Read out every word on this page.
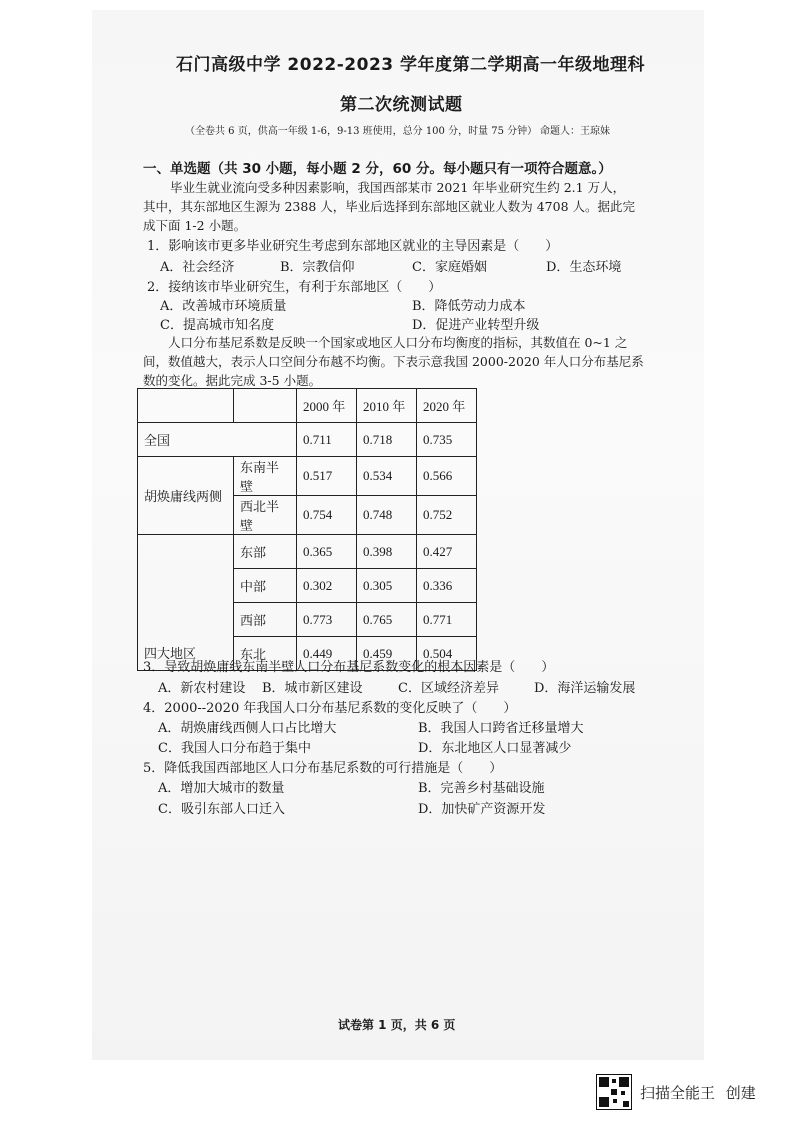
石门高级中学 2022-2023 学年度第二学期高一年级地理科
第二次统测试题
（全卷共 6 页，供高一年级 1-6，9-13 班使用，总分 100 分，时量 75 分钟） 命题人：王琼妹
一、单选题（共 30 小题，每小题 2 分，60 分。每小题只有一项符合题意。）
毕业生就业流向受多种因素影响，我国西部某市 2021 年毕业研究生约 2.1 万人，
其中，其东部地区生源为 2388 人，毕业后选择到东部地区就业人数为 4708 人。据此完
成下面 1-2 小题。
1．影响该市更多毕业研究生考虑到东部地区就业的主导因素是（　　）
A．社会经济	B．宗教信仰	C．家庭婚姻	D．生态环境
2．接纳该市毕业研究生，有利于东部地区（　　）
A．改善城市环境质量	B．降低劳动力成本
C．提高城市知名度	D．促进产业转型升级
人口分布基尼系数是反映一个国家或地区人口分布均衡度的指标，其数值在 0~1 之
间，数值越大，表示人口空间分布越不均衡。下表示意我国 2000-2020 年人口分布基尼系
数的变化。据此完成 3-5 小题。
		2000 年	2010 年	2020 年
全国		0.711	0.718	0.735
胡焕庸线两侧	东南半壁	0.517	0.534	0.566
	西北半壁	0.754	0.748	0.752
四大地区	东部	0.365	0.398	0.427
	中部	0.302	0.305	0.336
	西部	0.773	0.765	0.771
	东北	0.449	0.459	0.504
3．导致胡焕庸线东南半壁人口分布基尼系数变化的根本因素是（　　）
A．新农村建设 B．城市新区建设	C．区域经济差异	D．海洋运输发展
4．2000--2020 年我国人口分布基尼系数的变化反映了（　　）
A．胡焕庸线西侧人口占比增大	B．我国人口跨省迁移量增大
C．我国人口分布趋于集中	D．东北地区人口显著减少
5．降低我国西部地区人口分布基尼系数的可行措施是（　　）
A．增加大城市的数量	B．完善乡村基础设施
C．吸引东部人口迁入	D．加快矿产资源开发
试卷第 1 页，共 6 页
扫描全能王 创建
